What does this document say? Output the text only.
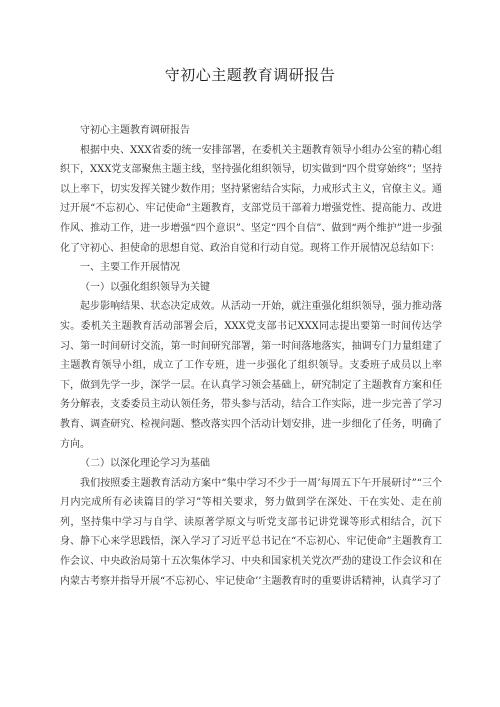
守初心主题教育调研报告

守初心主题教育调研报告

根据中央、XXX省委的统一安排部署，在委机关主题教育领导小组办公室的精心组织下，XXX党支部聚焦主题主线，坚持强化组织领导，切实做到“四个贯穿始终”；坚持以上率下，切实发挥关键少数作用；坚持紧密结合实际，力戒形式主义，官僚主义。通过开展“不忘初心、牢记使命”主题教育，支部党员干部着力增强党性、提高能力、改进作风、推动工作，进一步增强“四个意识”、坚定“四个自信”、做到“两个维护”进一步强化了守初心、担使命的思想自觉、政治自觉和行动自觉。现将工作开展情况总结如下：

一、主要工作开展情况

（一）以强化组织领导为关键

起步影响结果、状态决定成效。从活动一开始，就注重强化组织领导，强力推动落实。委机关主题教育活动部署会后，XXX党支部书记XXX同志提出要第一时间传达学习、第一时间研讨交流，第一时间研究部署，第一时间落地落实，抽调专门力量组建了主题教育领导小组，成立了工作专班，进一步强化了组织领导。支委班子成员以上率下，做到先学一步，深学一层。在认真学习领会基础上，研究制定了主题教育方案和任务分解表，支委委员主动认领任务，带头参与活动，结合工作实际，进一步完善了学习教育、调查研究、检视问题、整改落实四个活动计划安排，进一步细化了任务，明确了方向。

（二）以深化理论学习为基础

我们按照委主题教育活动方案中“集中学习不少于一周’每周五下午开展研讨”“三个月内完成所有必读篇目的学习”等相关要求，努力做到学在深处、干在实处、走在前列，坚持集中学习与自学、读原著学原文与听党支部书记讲党课等形式相结合，沉下身、静下心来学思践悟，深入学习了习近平总书记在“不忘初心、牢记使命”主题教育工作会议、中央政治局第十五次集体学习、中央和国家机关党次严劲的建设工作会议和在内蒙古考察并指导开展“不忘初心、牢记使命’’主题教育时的重要讲话精神，认真学习了
